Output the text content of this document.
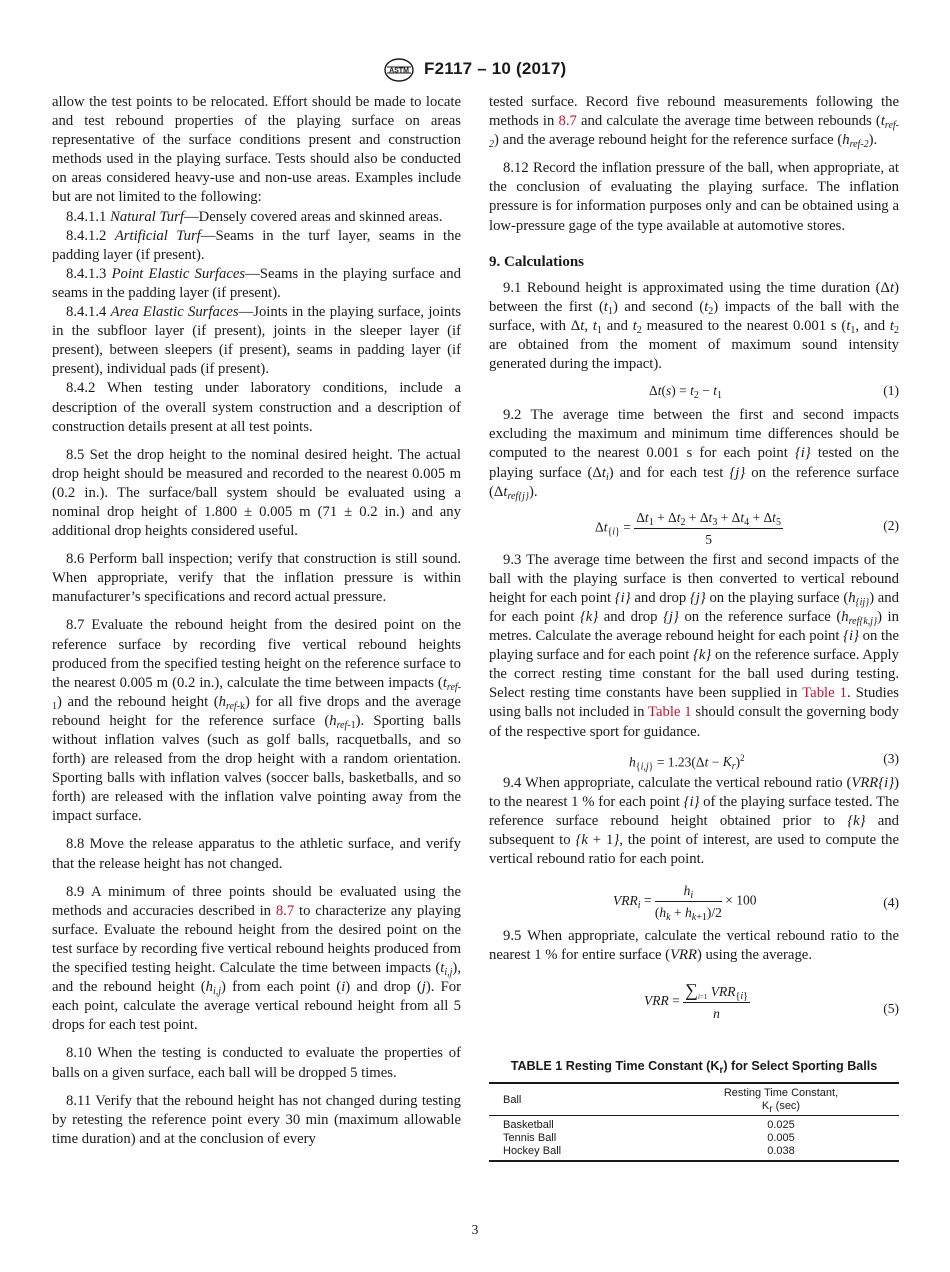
ASTM F2117 – 10 (2017)

allow the test points to be relocated. Effort should be made to locate and test rebound properties of the playing surface on areas representative of the surface conditions present and construction methods used in the playing surface. Tests should also be conducted on areas considered heavy-use and non-use areas. Examples include but are not limited to the following:

8.4.1.1 Natural Turf—Densely covered areas and skinned areas.

8.4.1.2 Artificial Turf—Seams in the turf layer, seams in the padding layer (if present).

8.4.1.3 Point Elastic Surfaces—Seams in the playing surface and seams in the padding layer (if present).

8.4.1.4 Area Elastic Surfaces—Joints in the playing surface, joints in the subfloor layer (if present), joints in the sleeper layer (if present), between sleepers (if present), seams in padding layer (if present), individual pads (if present).

8.4.2 When testing under laboratory conditions, include a description of the overall system construction and a description of construction details present at all test points.

8.5 Set the drop height to the nominal desired height. The actual drop height should be measured and recorded to the nearest 0.005 m (0.2 in.). The surface/ball system should be evaluated using a nominal drop height of 1.800 ± 0.005 m (71 ± 0.2 in.) and any additional drop heights considered useful.

8.6 Perform ball inspection; verify that construction is still sound. When appropriate, verify that the inflation pressure is within manufacturer’s specifications and record actual pressure.

8.7 Evaluate the rebound height from the desired point on the reference surface by recording five vertical rebound heights produced from the specified testing height on the reference surface to the nearest 0.005 m (0.2 in.), calculate the time between impacts $(t_{ref-1})$ and the rebound height $(h_{ref-k})$ for all five drops and the average rebound height for the reference surface $(h_{ref-1})$. Sporting balls without inflation valves (such as golf balls, racquetballs, and so forth) are released from the drop height with a random orientation. Sporting balls with inflation valves (soccer balls, basketballs, and so forth) are released with the inflation valve pointing away from the impact surface.

8.8 Move the release apparatus to the athletic surface, and verify that the release height has not changed.

8.9 A minimum of three points should be evaluated using the methods and accuracies described in 8.7 to characterize any playing surface. Evaluate the rebound height from the desired point on the test surface by recording five vertical rebound heights produced from the specified testing height. Calculate the time between impacts $(t_{i,j})$, and the rebound height $(h_{i,j})$ from each point (i) and drop (j). For each point, calculate the average vertical rebound height from all 5 drops for each test point.

8.10 When the testing is conducted to evaluate the properties of balls on a given surface, each ball will be dropped 5 times.

8.11 Verify that the rebound height has not changed during testing by retesting the reference point every 30 min (maximum allowable time duration) and at the conclusion of every

tested surface. Record five rebound measurements following the methods in 8.7 and calculate the average time between rebounds $(t_{ref-2})$ and the average rebound height for the reference surface $(h_{ref-2})$.

8.12 Record the inflation pressure of the ball, when appropriate, at the conclusion of evaluating the playing surface. The inflation pressure is for information purposes only and can be obtained using a low-pressure gage of the type available at automotive stores.

9. Calculations

9.1 Rebound height is approximated using the time duration (Δt) between the first $(t_1)$ and second $(t_2)$ impacts of the ball with the surface, with Δt, $t_1$ and $t_2$ measured to the nearest 0.001 s ($t_1$, and $t_2$ are obtained from the moment of maximum sound intensity generated during the impact).

$\Delta t(s) = t_2 - t_1$	(1)

9.2 The average time between the first and second impacts excluding the maximum and minimum time differences should be computed to the nearest 0.001 s for each point {i} tested on the playing surface $(\Delta t_i)$ and for each test {j} on the reference surface $(\Delta t_{ref\{j\}})$.

$\Delta t_{\{i\}} = \frac{\Delta t_1 + \Delta t_2 + \Delta t_3 + \Delta t_4 + \Delta t_5}{5}$	(2)

9.3 The average time between the first and second impacts of the ball with the playing surface is then converted to vertical rebound height for each point {i} and drop {j} on the playing surface $(h_{\{ij\}})$ and for each point {k} and drop {j} on the reference surface $(h_{ref\{k,j\}})$ in metres. Calculate the average rebound height for each point {i} on the playing surface and for each point {k} on the reference surface. Apply the correct resting time constant for the ball used during testing. Select resting time constants have been supplied in Table 1. Studies using balls not included in Table 1 should consult the governing body of the respective sport for guidance.

$h_{\{i,j\}} = 1.23(\Delta t - K_r)^2$	(3)

9.4 When appropriate, calculate the vertical rebound ratio (VRR{i}) to the nearest 1 % for each point {i} of the playing surface tested. The reference surface rebound height obtained prior to {k} and subsequent to {k + 1}, the point of interest, are used to compute the vertical rebound ratio for each point.

$VRR_i = \frac{h_i}{(h_k + h_{k+1})/2} \times 100$	(4)

9.5 When appropriate, calculate the vertical rebound ratio to the nearest 1 % for entire surface (VRR) using the average.

VRR = $\frac{\sum_{i=1} VRR_{\{i\}}}{n}$	(5)
TABLE 1 Resting Time Constant $(K_r)$ for Select Sporting Balls
Ball	Resting Time Constant,
$K_r$ (sec)
Basketball	0.025
Tennis Ball	0.005
Hockey Ball	0.038
3
